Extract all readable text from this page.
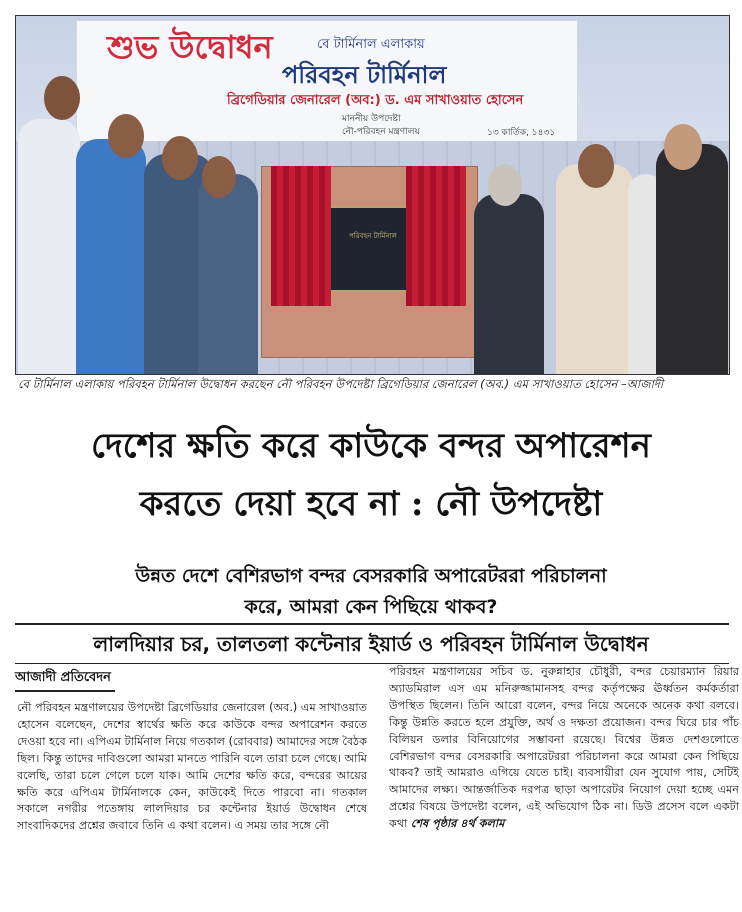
শুভ উদ্বোধন	বে টার্মিনাল এলাকায়
পরিবহন টার্মিনাল
ব্রিগেডিয়ার জেনারেল (অব:) ড. এম সাখাওয়াত হোসেন
মাননীয় উপদেষ্টা
নৌ-পরিবহন মন্ত্রণালয়	১৩ কার্তিক, ১৪৩১
পরিবহন টার্মিনাল
বে টার্মিনাল এলাকায় পরিবহন টার্মিনাল উদ্বোধন করছেন নৌ পরিবহন উপদেষ্টা ব্রিগেডিয়ার জেনারেল (অব.) এম সাখাওয়াত হোসেন –আজাদী
দেশের ক্ষতি করে কাউকে বন্দর অপারেশন
করতে দেয়া হবে না : নৌ উপদেষ্টা
উন্নত দেশে বেশিরভাগ বন্দর বেসরকারি অপারেটররা পরিচালনা
করে, আমরা কেন পিছিয়ে থাকব?
লালদিয়ার চর, তালতলা কন্টেনার ইয়ার্ড ও পরিবহন টার্মিনাল উদ্বোধন
আজাদী প্রতিবেদন

নৌ পরিবহন মন্ত্রণালয়ের উপদেষ্টা ব্রিগেডিয়ার জেনারেল (অব.) এম সাখাওয়াত হোসেন বলেছেন, দেশের স্বার্থের ক্ষতি করে কাউকে বন্দর অপারেশন করতে দেওয়া হবে না। এপিএম টার্মিনাল নিয়ে গতকাল (রোববার) আমাদের সঙ্গে বৈঠক ছিল। কিন্তু তাদের দাবিগুলো আমরা মানতে পারিনি বলে তারা চলে গেছে। আমি বলেছি, তারা চলে গেলে চলে যাক। আমি দেশের ক্ষতি করে, বন্দরের আয়ের ক্ষতি করে এপিএম টার্মিনালকে কেন, কাউকেই দিতে পারবো না। গতকাল সকালে নগরীর পতেঙ্গায় লালদিয়ার চর কন্টেনার ইয়ার্ড উদ্বোধন শেষে সাংবাদিকদের প্রশ্নের জবাবে তিনি এ কথা বলেন। এ সময় তার সঙ্গে নৌ

পরিবহন মন্ত্রণালয়ের সচিব ড. নুরুন্নাহার চৌধুরী, বন্দর চেয়ারম্যান রিয়ার অ্যাডমিরাল এস এম মনিরুজ্জামানসহ বন্দর কর্তৃপক্ষের ঊর্ধ্বতন কর্মকর্তারা উপস্থিত ছিলেন। তিনি আরো বলেন, বন্দর নিয়ে অনেকে অনেক কথা বলবে। কিন্তু উন্নতি করতে হলে প্রযুক্তি, অর্থ ও দক্ষতা প্রয়োজন। বন্দর ঘিরে চার পাঁচ বিলিয়ন ডলার বিনিয়োগের সম্ভাবনা রয়েছে। বিশ্বের উন্নত দেশগুলোতে বেশিরভাগ বন্দর বেসরকারি অপারেটররা পরিচালনা করে আমরা কেন পিছিয়ে থাকব? তাই আমরাও এগিয়ে যেতে চাই। ব্যবসায়ীরা যেন সুযোগ পায়, সেটিই আমাদের লক্ষ্য। আন্তর্জাতিক দরপত্র ছাড়া অপারেটর নিয়োগ দেয়া হচ্ছে এমন প্রশ্নের বিষয়ে উপদেষ্টা বলেন, এই অভিযোগ ঠিক না। ডিউ প্রসেস বলে একটা কথা শেষ পৃষ্ঠার ৪র্থ কলাম
